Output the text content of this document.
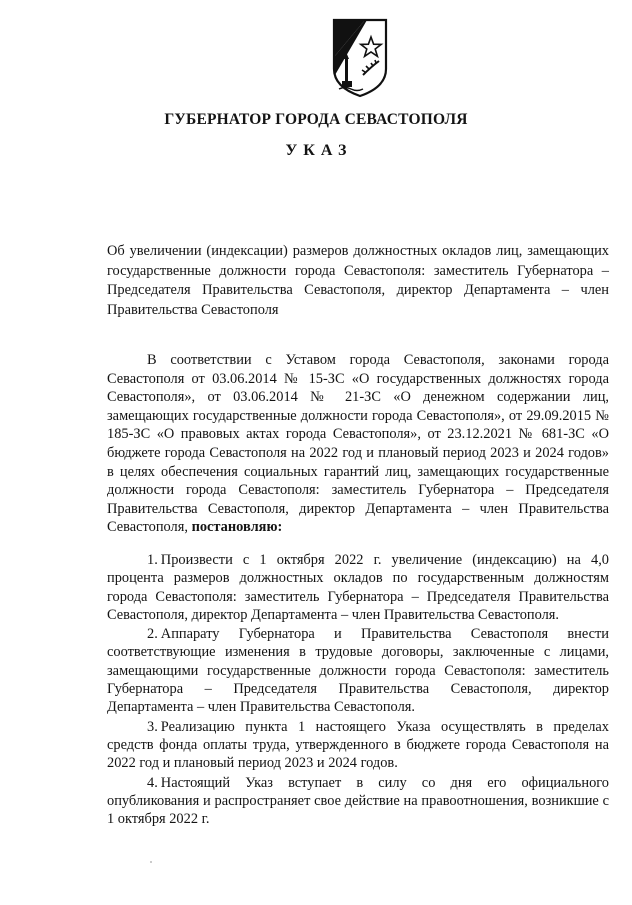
ГУБЕРНАТОР ГОРОДА СЕВАСТОПОЛЯ
УКАЗ
Об увеличении (индексации) размеров должностных окладов лиц, замещающих государственные должности города Севастополя: заместитель Губернатора – Председателя Правительства Севастополя, директор Департамента – член Правительства Севастополя
В соответствии с Уставом города Севастополя, законами города Севастополя от 03.06.2014 № 15-ЗС «О государственных должностях города Севастополя», от 03.06.2014 № 21-ЗС «О денежном содержании лиц, замещающих государственные должности города Севастополя», от 29.09.2015 № 185-ЗС «О правовых актах города Севастополя», от 23.12.2021 № 681-ЗС «О бюджете города Севастополя на 2022 год и плановый период 2023 и 2024 годов» в целях обеспечения социальных гарантий лиц, замещающих государственные должности города Севастополя: заместитель Губернатора – Председателя Правительства Севастополя, директор Департамента – член Правительства Севастополя, постановляю:
1. Произвести с 1 октября 2022 г. увеличение (индексацию) на 4,0 процента размеров должностных окладов по государственным должностям города Севастополя: заместитель Губернатора – Председателя Правительства Севастополя, директор Департамента – член Правительства Севастополя.
2. Аппарату Губернатора и Правительства Севастополя внести соответствующие изменения в трудовые договоры, заключенные с лицами, замещающими государственные должности города Севастополя: заместитель Губернатора – Председателя Правительства Севастополя, директор Департамента – член Правительства Севастополя.
3. Реализацию пункта 1 настоящего Указа осуществлять в пределах средств фонда оплаты труда, утвержденного в бюджете города Севастополя на 2022 год и плановый период 2023 и 2024 годов.
4. Настоящий Указ вступает в силу со дня его официального опубликования и распространяет свое действие на правоотношения, возникшие с 1 октября 2022 г.
